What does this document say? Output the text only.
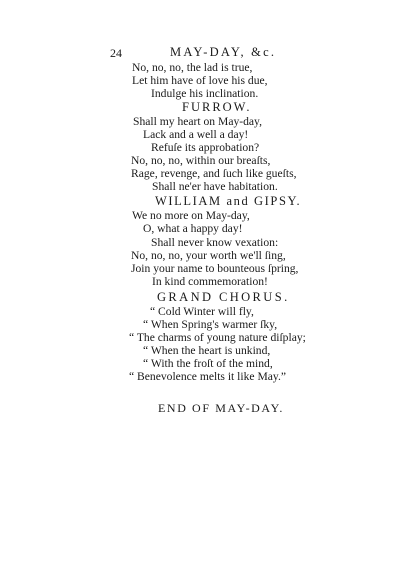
24	MAY-DAY, &c.
No, no, no, the lad is true,
Let him have of love his due,
Indulge his inclination.
FURROW.
Shall my heart on May-day,
Lack and a well a day!
Refuſe its approbation?
No, no, no, within our breaſts,
Rage, revenge, and ſuch like gueſts,
Shall ne'er have habitation.
WILLIAM and GIPSY.
We no more on May-day,
O, what a happy day!
Shall never know vexation:
No, no, no, your worth we'll ſing,
Join your name to bounteous ſpring,
In kind commemoration!
GRAND CHORUS.
“ Cold Winter will fly,
“ When Spring's warmer ſky,
“ The charms of young nature diſplay;
“ When the heart is unkind,
“ With the froſt of the mind,
“ Benevolence melts it like May.”
END OF MAY-DAY.
